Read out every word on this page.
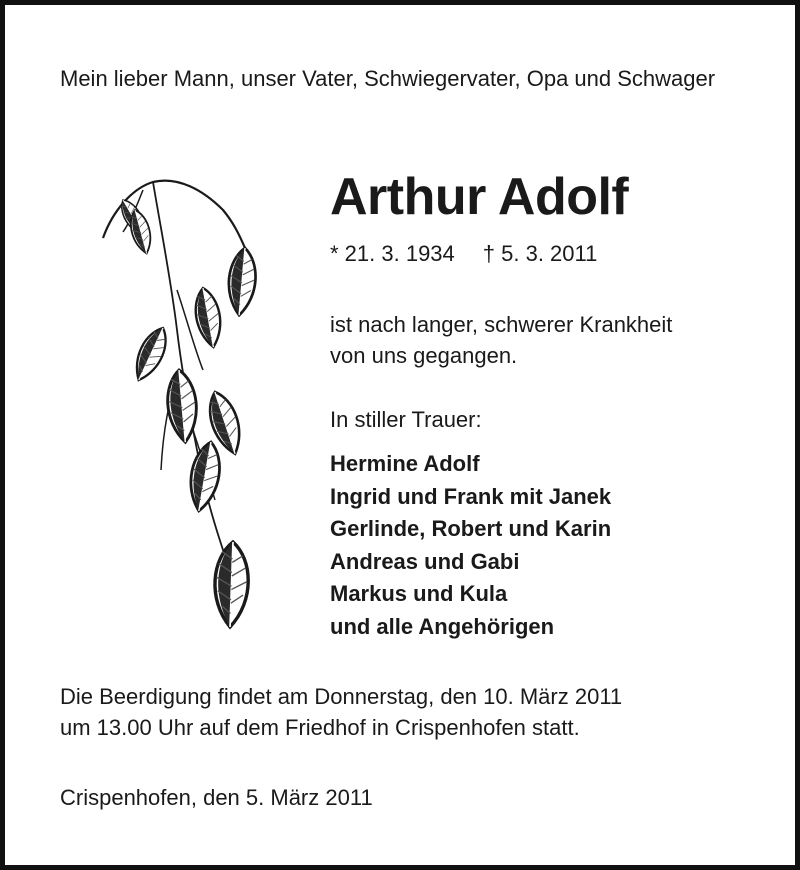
Mein lieber Mann, unser Vater, Schwiegervater, Opa und Schwager
Arthur Adolf
* 21. 3. 1934 † 5. 3. 2011
ist nach langer, schwerer Krankheit
von uns gegangen.
In stiller Trauer:
Hermine Adolf
Ingrid und Frank mit Janek
Gerlinde, Robert und Karin
Andreas und Gabi
Markus und Kula
und alle Angehörigen
Die Beerdigung findet am Donnerstag, den 10. März 2011
um 13.00 Uhr auf dem Friedhof in Crispenhofen statt.
Crispenhofen, den 5. März 2011
